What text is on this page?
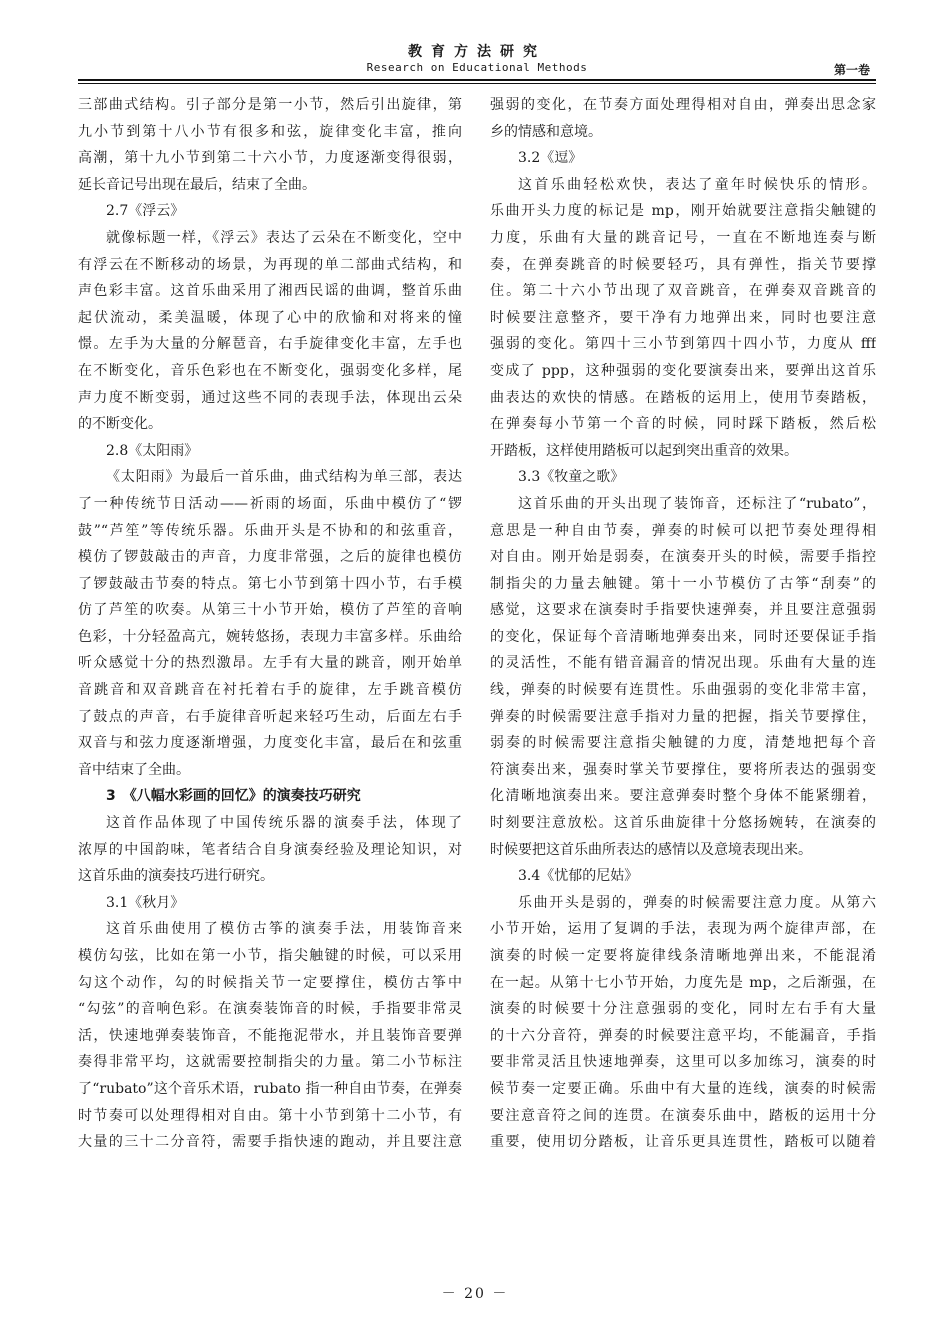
教育方法研究
Research on Educational Methods	第一卷
三部曲式结构。引子部分是第一小节，然后引出旋律，第
九小节到第十八小节有很多和弦，旋律变化丰富，推向
高潮，第十九小节到第二十六小节，力度逐渐变得很弱，
延长音记号出现在最后，结束了全曲。
2.7《浮云》
就像标题一样，《浮云》表达了云朵在不断变化，空中
有浮云在不断移动的场景，为再现的单二部曲式结构，和
声色彩丰富。这首乐曲采用了湘西民谣的曲调，整首乐曲
起伏流动，柔美温暖，体现了心中的欣愉和对将来的憧
憬。左手为大量的分解琶音，右手旋律变化丰富，左手也
在不断变化，音乐色彩也在不断变化，强弱变化多样，尾
声力度不断变弱，通过这些不同的表现手法，体现出云朵
的不断变化。
2.8《太阳雨》
《太阳雨》为最后一首乐曲，曲式结构为单三部，表达
了一种传统节日活动——祈雨的场面，乐曲中模仿了“锣
鼓”“芦笙”等传统乐器。乐曲开头是不协和的和弦重音，
模仿了锣鼓敲击的声音，力度非常强，之后的旋律也模仿
了锣鼓敲击节奏的特点。第七小节到第十四小节，右手模
仿了芦笙的吹奏。从第三十小节开始，模仿了芦笙的音响
色彩，十分轻盈高亢，婉转悠扬，表现力丰富多样。乐曲给
听众感觉十分的热烈激昂。左手有大量的跳音，刚开始单
音跳音和双音跳音在衬托着右手的旋律，左手跳音模仿
了鼓点的声音，右手旋律音听起来轻巧生动，后面左右手
双音与和弦力度逐渐增强，力度变化丰富，最后在和弦重
音中结束了全曲。
3　《八幅水彩画的回忆》的演奏技巧研究
这首作品体现了中国传统乐器的演奏手法，体现了
浓厚的中国韵味，笔者结合自身演奏经验及理论知识，对
这首乐曲的演奏技巧进行研究。
3.1《秋月》
这首乐曲使用了模仿古筝的演奏手法，用装饰音来
模仿勾弦，比如在第一小节，指尖触键的时候，可以采用
勾这个动作，勾的时候指关节一定要撑住，模仿古筝中
“勾弦”的音响色彩。在演奏装饰音的时候，手指要非常灵
活，快速地弹奏装饰音，不能拖泥带水，并且装饰音要弹
奏得非常平均，这就需要控制指尖的力量。第二小节标注
了“rubato”这个音乐术语，rubato 指一种自由节奏，在弹奏
时节奏可以处理得相对自由。第十小节到第十二小节，有
大量的三十二分音符，需要手指快速的跑动，并且要注意
强弱的变化，在节奏方面处理得相对自由，弹奏出思念家
乡的情感和意境。
3.2《逗》
这首乐曲轻松欢快，表达了童年时候快乐的情形。
乐曲开头力度的标记是 mp，刚开始就要注意指尖触键的
力度，乐曲有大量的跳音记号，一直在不断地连奏与断
奏，在弹奏跳音的时候要轻巧，具有弹性，指关节要撑
住。第二十六小节出现了双音跳音，在弹奏双音跳音的
时候要注意整齐，要干净有力地弹出来，同时也要注意
强弱的变化。第四十三小节到第四十四小节，力度从 fff
变成了 ppp，这种强弱的变化要演奏出来，要弹出这首乐
曲表达的欢快的情感。在踏板的运用上，使用节奏踏板，
在弹奏每小节第一个音的时候，同时踩下踏板，然后松
开踏板，这样使用踏板可以起到突出重音的效果。
3.3《牧童之歌》
这首乐曲的开头出现了装饰音，还标注了“rubato”，
意思是一种自由节奏，弹奏的时候可以把节奏处理得相
对自由。刚开始是弱奏，在演奏开头的时候，需要手指控
制指尖的力量去触键。第十一小节模仿了古筝“刮奏”的
感觉，这要求在演奏时手指要快速弹奏，并且要注意强弱
的变化，保证每个音清晰地弹奏出来，同时还要保证手指
的灵活性，不能有错音漏音的情况出现。乐曲有大量的连
线，弹奏的时候要有连贯性。乐曲强弱的变化非常丰富，
弹奏的时候需要注意手指对力量的把握，指关节要撑住，
弱奏的时候需要注意指尖触键的力度，清楚地把每个音
符演奏出来，强奏时掌关节要撑住，要将所表达的强弱变
化清晰地演奏出来。要注意弹奏时整个身体不能紧绷着，
时刻要注意放松。这首乐曲旋律十分悠扬婉转，在演奏的
时候要把这首乐曲所表达的感情以及意境表现出来。
3.4《忧郁的尼姑》
乐曲开头是弱的，弹奏的时候需要注意力度。从第六
小节开始，运用了复调的手法，表现为两个旋律声部，在
演奏的时候一定要将旋律线条清晰地弹出来，不能混淆
在一起。从第十七小节开始，力度先是 mp，之后渐强，在
演奏的时候要十分注意强弱的变化，同时左右手有大量
的十六分音符，弹奏的时候要注意平均，不能漏音，手指
要非常灵活且快速地弹奏，这里可以多加练习，演奏的时
候节奏一定要正确。乐曲中有大量的连线，演奏的时候需
要注意音符之间的连贯。在演奏乐曲中，踏板的运用十分
重要，使用切分踏板，让音乐更具连贯性，踏板可以随着
－ 20 －
